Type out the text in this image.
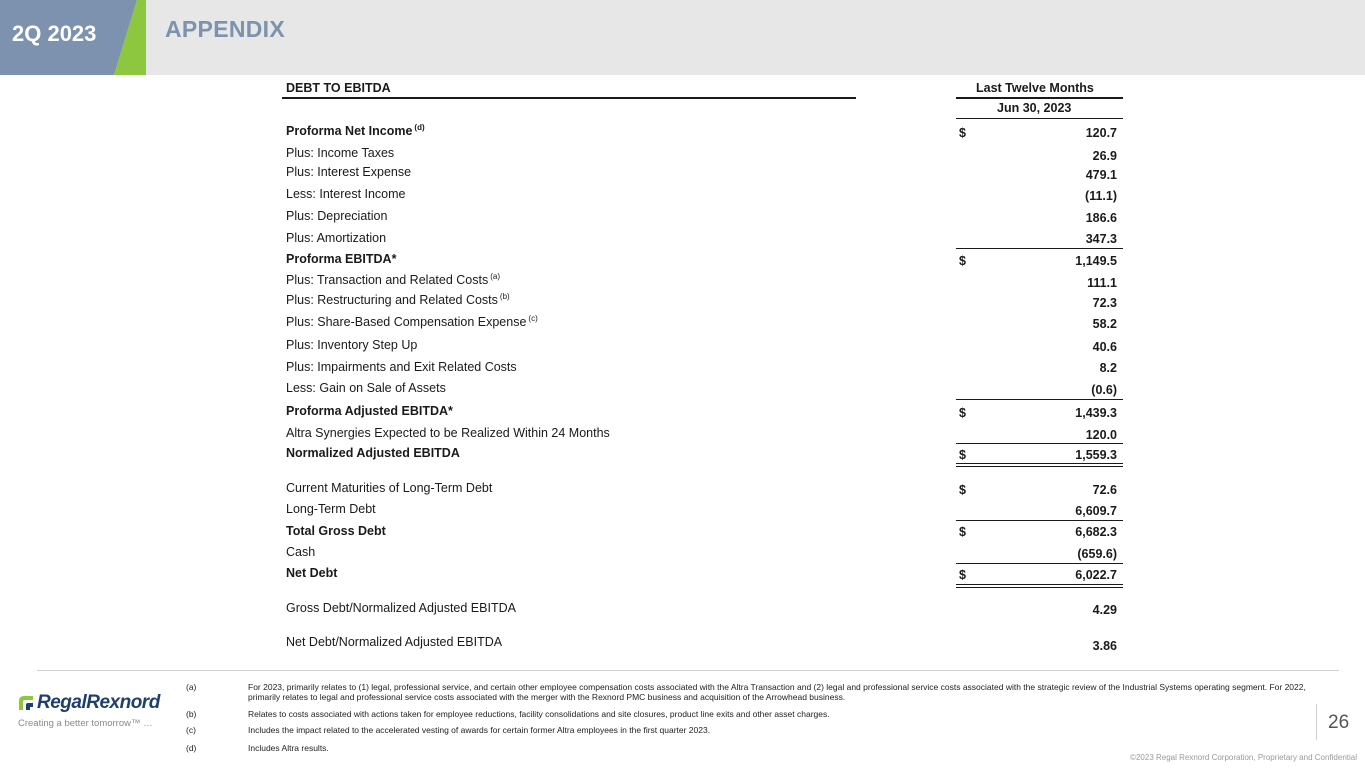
2Q 2023	APPENDIX
DEBT TO EBITDA	Last Twelve Months
Jun 30, 2023
Proforma Net Income $^{(d)}$	$	120.7
Plus: Income Taxes	26.9
Plus: Interest Expense	479.1
Less: Interest Income	(11.1)
Plus: Depreciation	186.6
Plus: Amortization	347.3
Proforma EBITDA*	$	1,149.5
Plus: Transaction and Related Costs $^{(a)}$	111.1
Plus: Restructuring and Related Costs $^{(b)}$	72.3
Plus: Share-Based Compensation Expense $^{(c)}$	58.2
Plus: Inventory Step Up	40.6
Plus: Impairments and Exit Related Costs	8.2
Less: Gain on Sale of Assets	(0.6)
Proforma Adjusted EBITDA*	$	1,439.3
Altra Synergies Expected to be Realized Within 24 Months	120.0
Normalized Adjusted EBITDA	$	1,559.3
Current Maturities of Long-Term Debt	$	72.6
Long-Term Debt	6,609.7
Total Gross Debt	$	6,682.3
Cash	(659.6)
Net Debt	$	6,022.7
Gross Debt/Normalized Adjusted EBITDA	4.29
Net Debt/Normalized Adjusted EBITDA	3.86
RegalRexnord
Creating a better tomorrow™ …
(a)	For 2023, primarily relates to (1) legal, professional service, and certain other employee compensation costs associated with the Altra Transaction and (2) legal and professional service costs associated with the strategic review of the Industrial Systems operating segment. For 2022, primarily relates to legal and professional service costs associated with the merger with the Rexnord PMC business and acquisition of the Arrowhead business.
(b)	Relates to costs associated with actions taken for employee reductions, facility consolidations and site closures, product line exits and other asset charges.
(c)	Includes the impact related to the accelerated vesting of awards for certain former Altra employees in the first quarter 2023.
(d)	Includes Altra results.
26
©2023 Regal Rexnord Corporation, Proprietary and Confidential
